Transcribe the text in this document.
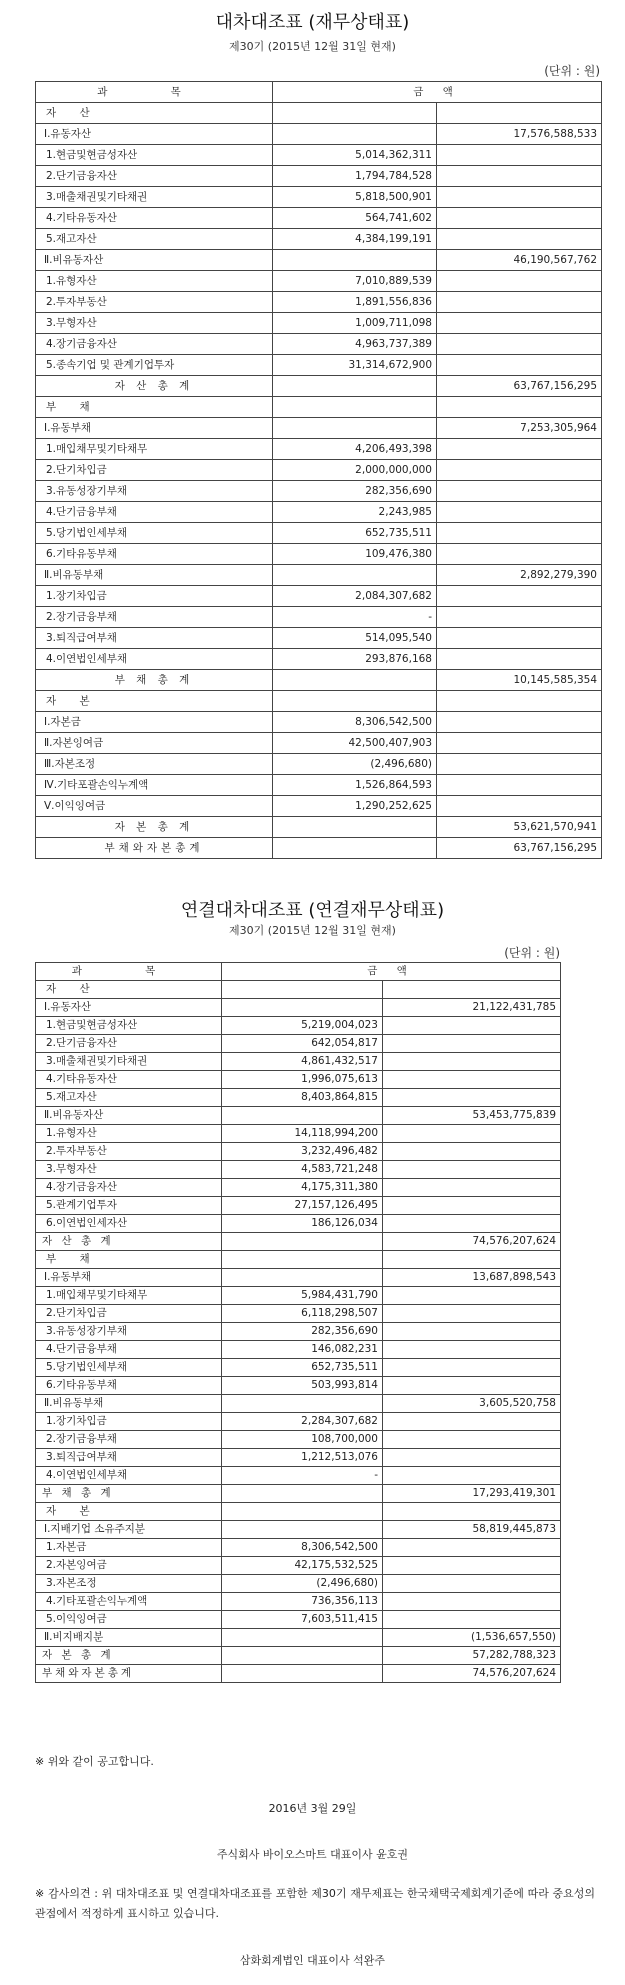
대차대조표 (재무상태표)
제30기 (2015년 12월 31일 현재)
(단위 : 원)
과 목	금 액	
자 산		
Ⅰ.유동자산		17,576,588,533
1.현금및현금성자산	5,014,362,311	
2.단기금융자산	1,794,784,528	
3.매출채권및기타채권	5,818,500,901	
4.기타유동자산	564,741,602	
5.재고자산	4,384,199,191	
Ⅱ.비유동자산		46,190,567,762
1.유형자산	7,010,889,539	
2.투자부동산	1,891,556,836	
3.무형자산	1,009,711,098	
4.장기금융자산	4,963,737,389	
5.종속기업 및 관계기업투자	31,314,672,900	
자 산 총 계		63,767,156,295
부 채		
Ⅰ.유동부채		7,253,305,964
1.매입채무및기타채무	4,206,493,398	
2.단기차입금	2,000,000,000	
3.유동성장기부채	282,356,690	
4.단기금융부채	2,243,985	
5.당기법인세부채	652,735,511	
6.기타유동부채	109,476,380	
Ⅱ.비유동부채		2,892,279,390
1.장기차입금	2,084,307,682	
2.장기금융부채	-	
3.퇴직급여부채	514,095,540	
4.이연법인세부채	293,876,168	
부 채 총 계		10,145,585,354
자 본		
Ⅰ.자본금	8,306,542,500	
Ⅱ.자본잉여금	42,500,407,903	
Ⅲ.자본조정	(2,496,680)	
Ⅳ.기타포괄손익누계액	1,526,864,593	
Ⅴ.이익잉여금	1,290,252,625	
자 본 총 계		53,621,570,941
부채와자본총계		63,767,156,295
연결대차대조표 (연결재무상태표)
제30기 (2015년 12월 31일 현재)
(단위 : 원)
과 목	금 액	
자 산		
Ⅰ.유동자산		21,122,431,785
1.현금및현금성자산	5,219,004,023	
2.단기금융자산	642,054,817	
3.매출채권및기타채권	4,861,432,517	
4.기타유동자산	1,996,075,613	
5.재고자산	8,403,864,815	
Ⅱ.비유동자산		53,453,775,839
1.유형자산	14,118,994,200	
2.투자부동산	3,232,496,482	
3.무형자산	4,583,721,248	
4.장기금융자산	4,175,311,380	
5.관계기업투자	27,157,126,495	
6.이연법인세자산	186,126,034	
자 산 총 계		74,576,207,624
부 채		
Ⅰ.유동부채		13,687,898,543
1.매입채무및기타채무	5,984,431,790	
2.단기차입금	6,118,298,507	
3.유동성장기부채	282,356,690	
4.단기금융부채	146,082,231	
5.당기법인세부채	652,735,511	
6.기타유동부채	503,993,814	
Ⅱ.비유동부채		3,605,520,758
1.장기차입금	2,284,307,682	
2.장기금융부채	108,700,000	
3.퇴직급여부채	1,212,513,076	
4.이연법인세부채	-	
부 채 총 계		17,293,419,301
자 본		
Ⅰ.지배기업 소유주지분		58,819,445,873
1.자본금	8,306,542,500	
2.자본잉여금	42,175,532,525	
3.자본조정	(2,496,680)	
4.기타포괄손익누계액	736,356,113	
5.이익잉여금	7,603,511,415	
Ⅱ.비지배지분		(1,536,657,550)
자 본 총 계		57,282,788,323
부채와자본총계		74,576,207,624
※ 위와 같이 공고합니다.
2016년 3월 29일
주식회사 바이오스마트 대표이사 윤호권
※ 감사의견 : 위 대차대조표 및 연결대차대조표를 포함한 제30기 재무제표는 한국채택국제회계기준에 따라 중요성의 관점에서 적정하게 표시하고 있습니다.
삼화회계법인 대표이사 석완주
